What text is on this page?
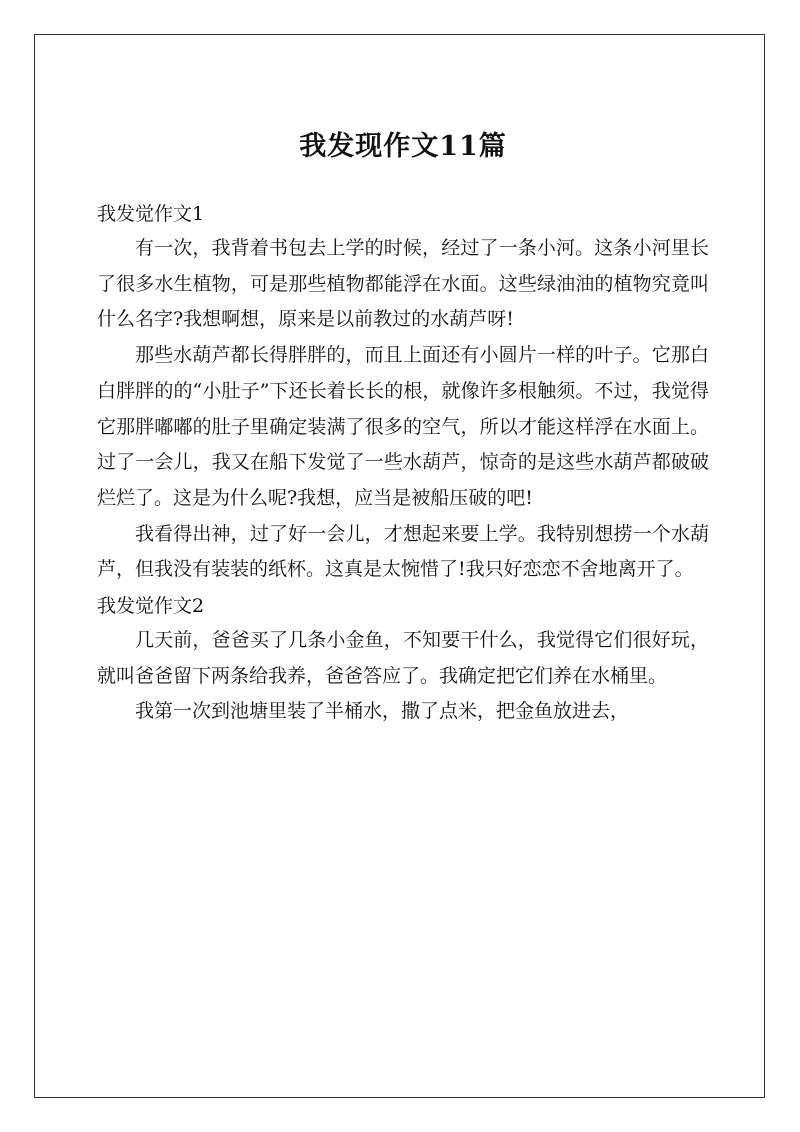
我发现作文11篇
我发觉作文1

有一次，我背着书包去上学的时候，经过了一条小河。这条小河里长了很多水生植物，可是那些植物都能浮在水面。这些绿油油的植物究竟叫什么名字?我想啊想，原来是以前教过的水葫芦呀!

那些水葫芦都长得胖胖的，而且上面还有小圆片一样的叶子。它那白白胖胖的的“小肚子”下还长着长长的根，就像许多根触须。不过，我觉得它那胖嘟嘟的肚子里确定装满了很多的空气，所以才能这样浮在水面上。过了一会儿，我又在船下发觉了一些水葫芦，惊奇的是这些水葫芦都破破烂烂了。这是为什么呢?我想，应当是被船压破的吧!

我看得出神，过了好一会儿，才想起来要上学。我特别想捞一个水葫芦，但我没有装装的纸杯。这真是太惋惜了!我只好恋恋不舍地离开了。

我发觉作文2

几天前，爸爸买了几条小金鱼，不知要干什么，我觉得它们很好玩，就叫爸爸留下两条给我养，爸爸答应了。我确定把它们养在水桶里。

我第一次到池塘里装了半桶水，撒了点米，把金鱼放进去，
